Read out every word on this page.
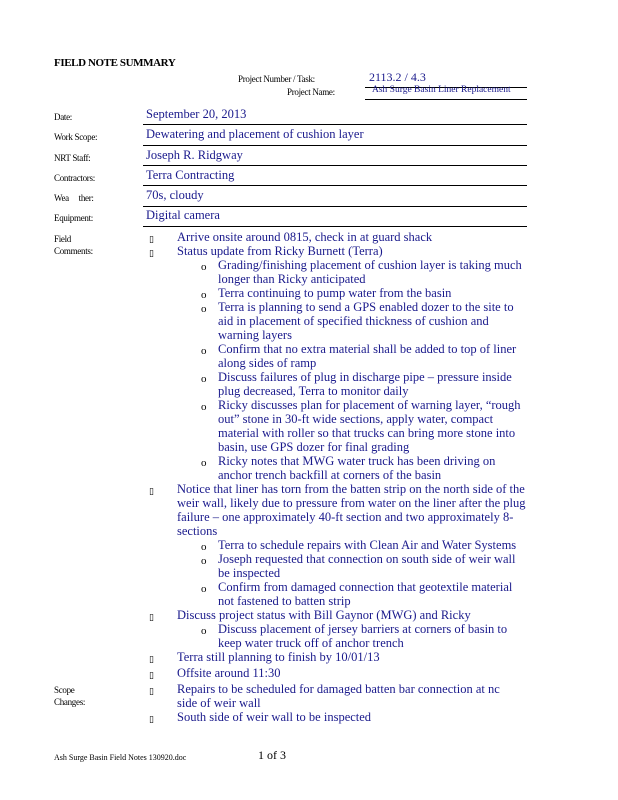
FIELD NOTE SUMMARY
Project Number / Task:	2113.2 / 4.3
Project Name:	Ash Surge Basin Liner Replacement
Date:	September 20, 2013
Work Scope:	Dewatering and placement of cushion layer
NRT Staff:	Joseph R. Ridgway
Contractors:	Terra Contracting
Wea     ther:	70s, cloudy
Equipment:	Digital camera
Field
Comments:
▯ Arrive onsite around 0815, check in at guard shack
▯ Status update from Ricky Burnett (Terra)
o Grading/finishing placement of cushion layer is taking much
longer than Ricky anticipated
o Terra continuing to pump water from the basin
o Terra is planning to send a GPS enabled dozer to the site to
aid in placement of specified thickness of cushion and
warning layers
o Confirm that no extra material shall be added to top of liner
along sides of ramp
o Discuss failures of plug in discharge pipe – pressure inside
plug decreased, Terra to monitor daily
o Ricky discusses plan for placement of warning layer, “rough
out” stone in 30-ft wide sections, apply water, compact
material with roller so that trucks can bring more stone into
basin, use GPS dozer for final grading
o Ricky notes that MWG water truck has been driving on
anchor trench backfill at corners of the basin
▯ Notice that liner has torn from the batten strip on the north side of the
weir wall, likely due to pressure from water on the liner after the plug
failure – one approximately 40-ft section and two approximately 8-
sections
o Terra to schedule repairs with Clean Air and Water Systems
o Joseph requested that connection on south side of weir wall
be inspected
o Confirm from damaged connection that geotextile material
not fastened to batten strip
▯ Discuss project status with Bill Gaynor (MWG) and Ricky
o Discuss placement of jersey barriers at corners of basin to
keep water truck off of anchor trench
▯ Terra still planning to finish by 10/01/13
▯ Offsite around 11:30
Scope
Changes:
▯ Repairs to be scheduled for damaged batten bar connection at nc
side of weir wall
▯ South side of weir wall to be inspected
Ash Surge Basin Field Notes 130920.doc	1 of 3
